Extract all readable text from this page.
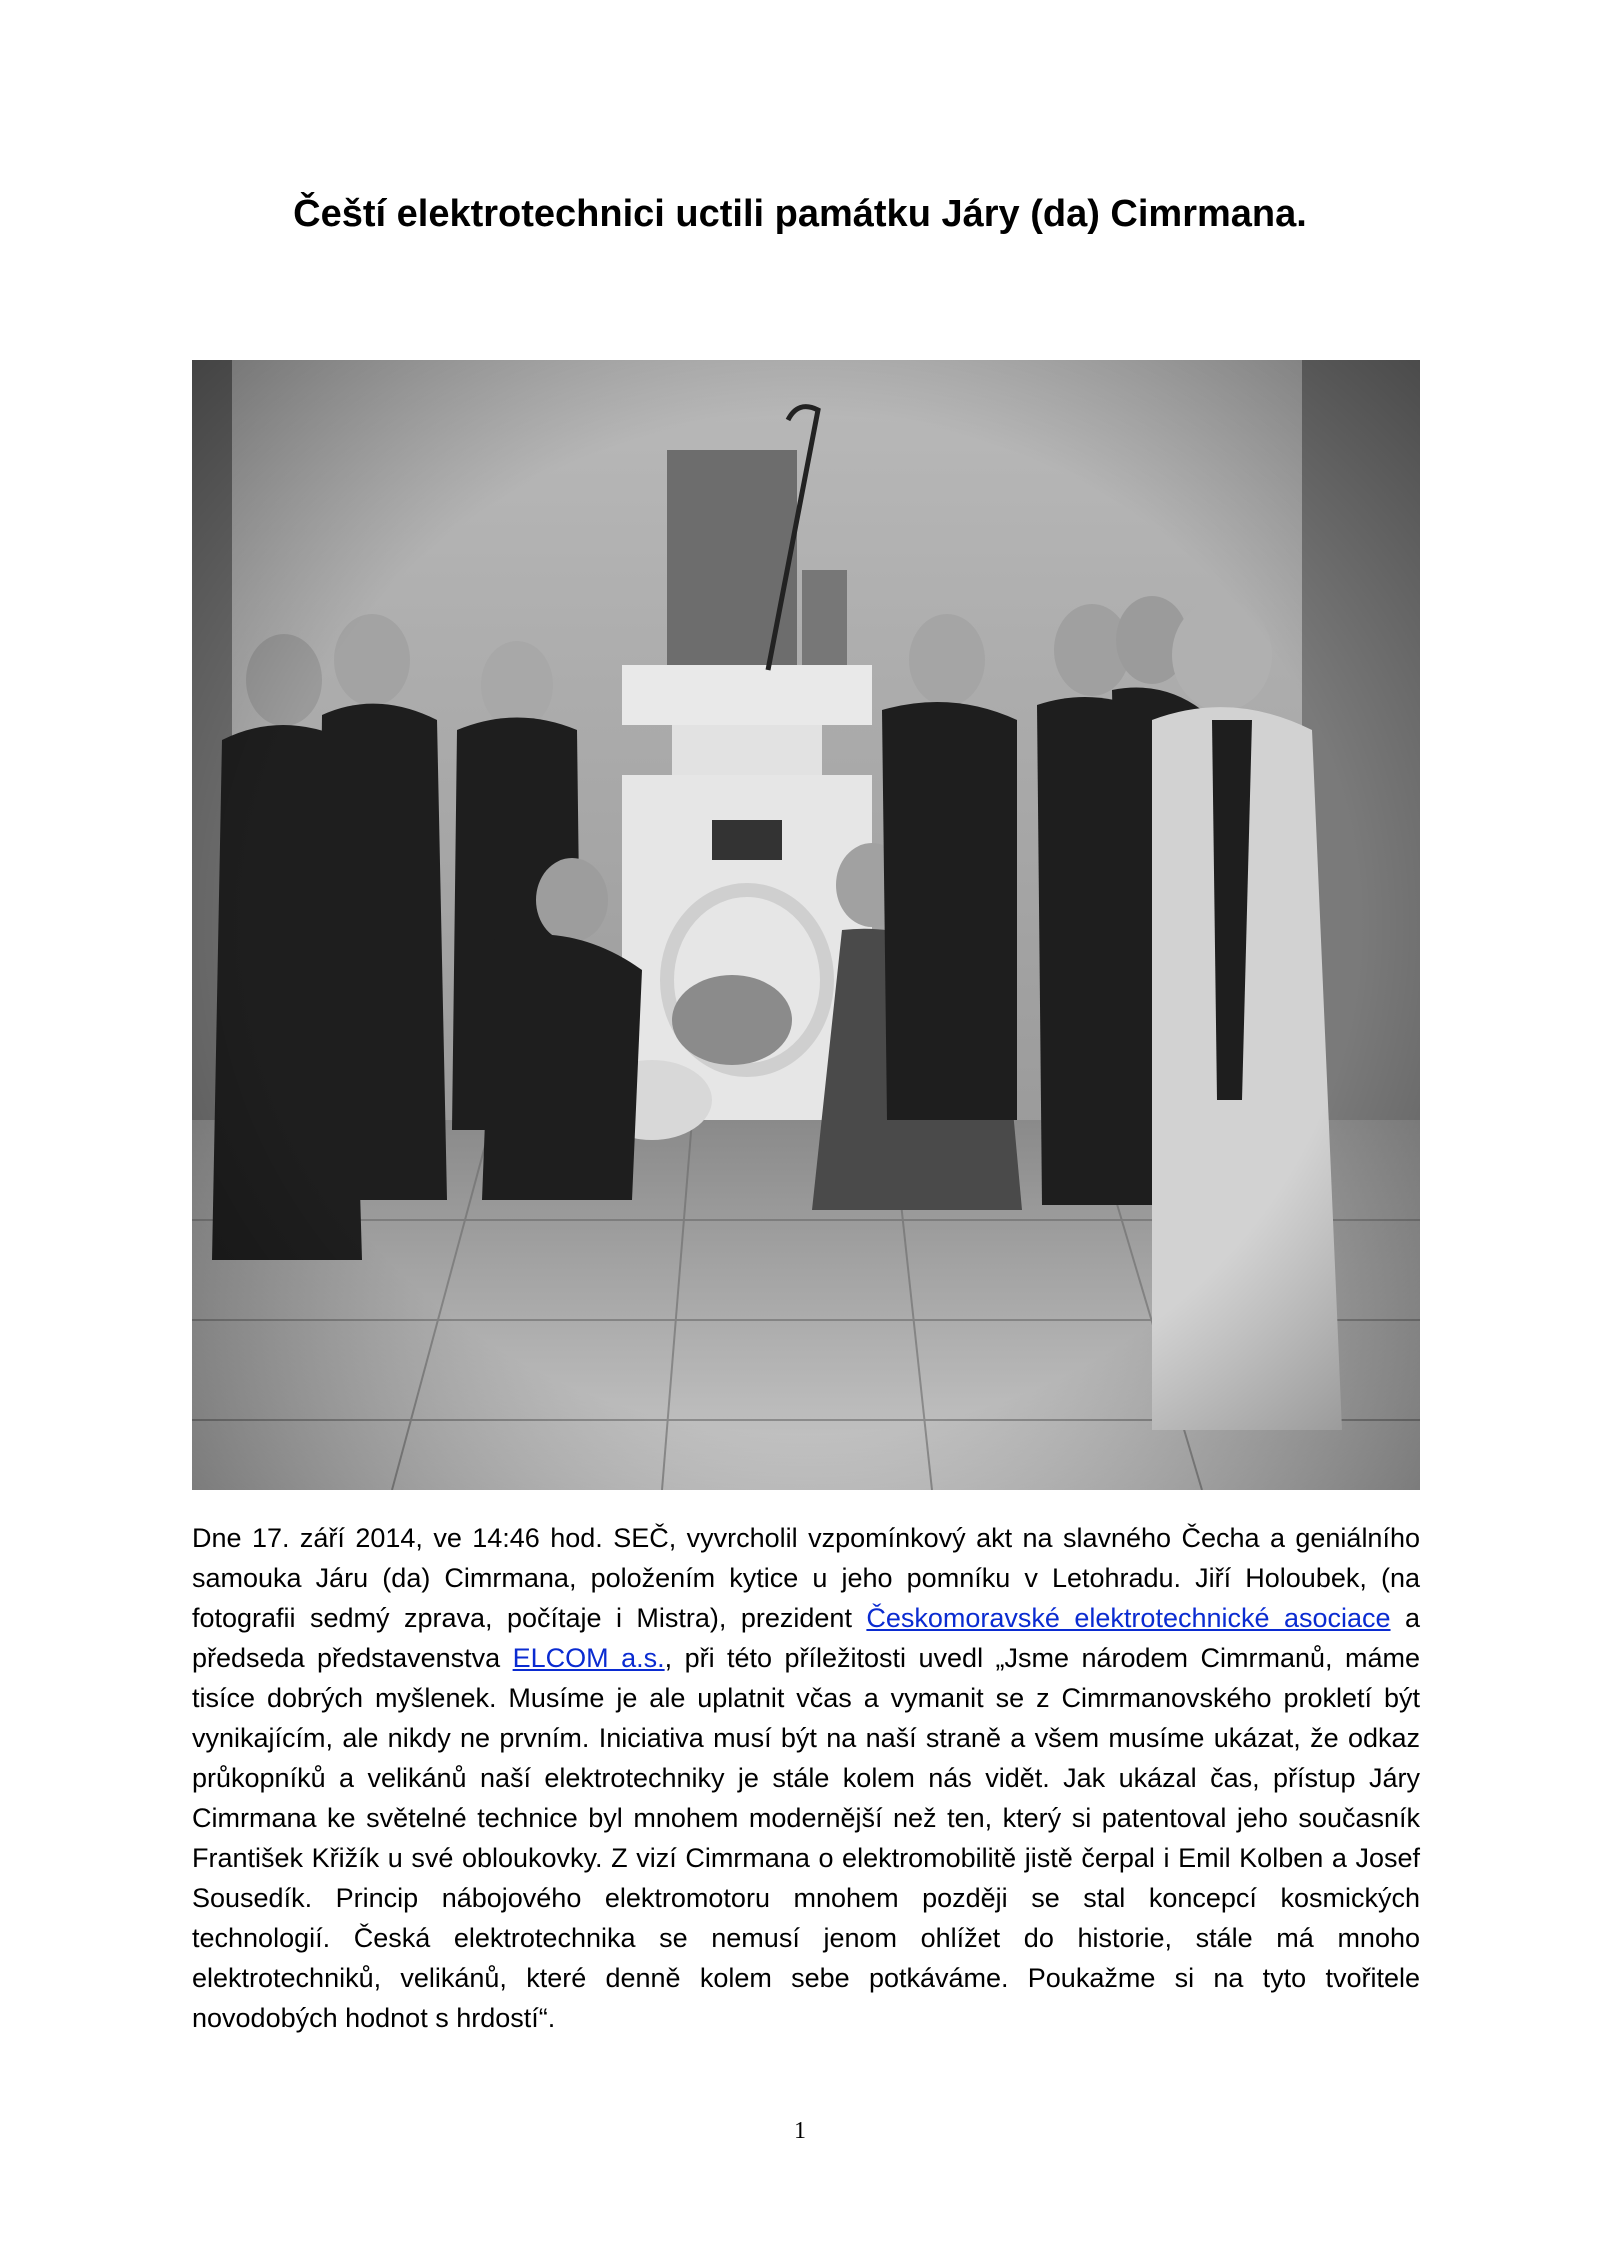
Čeští elektrotechnici uctili památku Járy (da) Cimrmana.

Dne 17. září 2014, ve 14:46 hod. SEČ, vyvrcholil vzpomínkový akt na slavného Čecha a geniálního samouka Járu (da) Cimrmana, položením kytice u jeho pomníku v Letohradu. Jiří Holoubek, (na fotografii sedmý zprava, počítaje i Mistra), prezident Českomoravské elektrotechnické asociace a předseda představenstva ELCOM a.s., při této příležitosti uvedl „Jsme národem Cimrmanů, máme tisíce dobrých myšlenek. Musíme je ale uplatnit včas a vymanit se z Cimrmanovského prokletí být vynikajícím, ale nikdy ne prvním. Iniciativa musí být na naší straně a všem musíme ukázat, že odkaz průkopníků a velikánů naší elektrotechniky je stále kolem nás vidět. Jak ukázal čas, přístup Járy Cimrmana ke světelné technice byl mnohem modernější než ten, který si patentoval jeho současník František Křižík u své obloukovky. Z vizí Cimrmana o elektromobilitě jistě čerpal i Emil Kolben a Josef Sousedík. Princip nábojového elektromotoru mnohem později se stal koncepcí kosmických technologií. Česká elektrotechnika se nemusí jenom ohlížet do historie, stále má mnoho elektrotechniků, velikánů, které denně kolem sebe potkáváme. Poukažme si na tyto tvořitele novodobých hodnot s hrdostí“.

1
